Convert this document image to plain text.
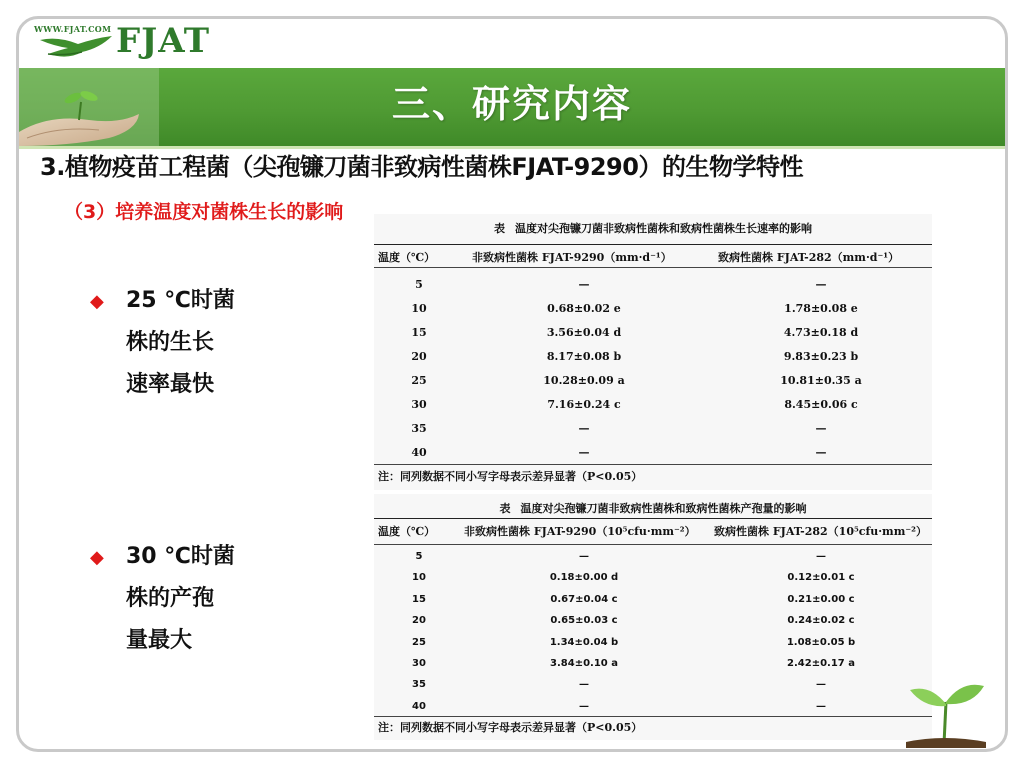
WWW.FJAT.COM FJAT
三、研究内容
3.植物疫苗工程菌（尖孢镰刀菌非致病性菌株FJAT-9290）的生物学特性
（3）培养温度对菌株生长的影响
◆ 25 ℃时菌
株的生长
速率最快
◆ 30 ℃时菌
株的产孢
量最大
表 温度对尖孢镰刀菌非致病性菌株和致病性菌株生长速率的影响
温度（℃）	非致病性菌株 FJAT-9290（mm·d⁻¹）	致病性菌株 FJAT-282（mm·d⁻¹）
5	—	—
10	0.68±0.02 e	1.78±0.08 e
15	3.56±0.04 d	4.73±0.18 d
20	8.17±0.08 b	9.83±0.23 b
25	10.28±0.09 a	10.81±0.35 a
30	7.16±0.24 c	8.45±0.06 c
35	—	—
40	—	—
注：同列数据不同小写字母表示差异显著（P<0.05）
表 温度对尖孢镰刀菌非致病性菌株和致病性菌株产孢量的影响
温度（℃）	非致病性菌株 FJAT-9290（10⁵cfu·mm⁻²） 致病性菌株 FJAT-282（10⁵cfu·mm⁻²）
5	—	—
10	0.18±0.00 d	0.12±0.01 c
15	0.67±0.04 c	0.21±0.00 c
20	0.65±0.03 c	0.24±0.02 c
25	1.34±0.04 b	1.08±0.05 b
30	3.84±0.10 a	2.42±0.17 a
35	—	—
40	—	—
注：同列数据不同小写字母表示差异显著（P<0.05）
